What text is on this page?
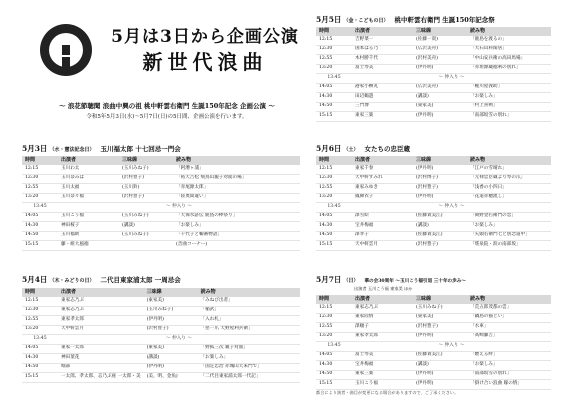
5月は3日から企画公演
新世代浪曲
～ 浪花節聴聞 浪曲中興の祖 桃中軒雲右衛門 生誕150年記念 企画公演 ～
令和5年5月3日(水)～5月7日(日)の5日間、企画公演を行います。
5月3日 （水・憲法記念日） 玉川福太郎 十七回忌一門会
5月4日 （木・みどりの日） 二代目東家浦太郎 一周忌会
5月5日 （金・こどもの日） 桃中軒雲右衛門 生誕150年記念祭
5月6日 （土） 女たちの忠臣蔵
5月7日 （日） 華の会30周年 ～玉川こう福引退 三十年の歩み～
出演者 玉川こう福 東家美 ほか
時間	出演者	三味線	読み物
12:15	玉川わ太	(玉川みね子)	「阿漕ヶ浦」
12:30	玉川奈みは	(沢村豊子)	「祐天吉松 飛鳥山親子対面の場」
12:55	玉川太福	(玉川鈴)	「赤尾源太郎」
13:20	玉川奈々福	(沢村豊子)	「陸奥間違い」
13:45	～ 仲入り ～		
14:05	玉川こう福	(玉川みね子)	「天保水滸伝 鹿島の棒祭り」
14:30	神田桜子	(講談)	「お楽しみ」
14:50	玉川福助	(玉川みね子)	「千代子と鞠蕃物語」
15:15	藤・組大風徳		(音曲コーナー)
時間	出演者	三味線	読み物
12:15	東家志乃ぶ	(東家美)	「みねび出者」
12:30	東家志乃ぶ	(玉川みね子)	「稲武」
12:55	東家孝太郎	(伊丹明)	「入れ札」
13:20	天中軒雲月	(沢村豊子)	「慈一爪 天野屋利兵衛」
13:45	～ 仲入り ～		
14:05	東家一太郎	(東家美)	「野狐三次 親子対面」
14:30	神田菫花	(講談)	「お楽しみ」
14:50	堀部	(伊丹明)	「国定忠治 赤城山天朱門で」
15:15	一太郎、孝太郎、志乃ぶ座 一太郎・美	(美、明、金魚)	「二代目東家浦太郎一代記」
時間	出演者	三味線	読み物
12:15	吉野菜一	(佐藤一貴)	「鹿島を渡るの」
12:30	国本はる乃	(広沢美舟)	「大石山科閑居」
12:55	木村勝千代	(沢村美舟)	「中山安兵衛の高田馬場」
13:20	富士琴美	(伊丹明)	「赤垣源蔵徳利の別れ」
13:45	～ 仲入り ～		
14:05	港家小柳丸	(広沢美舟)	「梶川屋義助」
14:30	田辺鶴遊	(講談)	「お楽しみ」
14:50	三門博	(東家美)	「村上喜剣」
15:15	東家三楽	(伊丹明)	「南部坂雪の別れ」
時間	出演者	三味線	読み物
12:15	東家千春	(伊丹明)	「江戸の雪晴れ」
12:30	天中軒すみれ	(沢村博子)	「元禄忠臣蔵より琴の爪」
12:55	東家みゆき	(沢村豊子)	「浅香の小四日」
13:20	鳳舞衣子	(伊丹明)	「花道赤穂流し」
13:45	～ 仲入り ～		
14:05	澤雪絵	(佐藤貴美江)	「岡野金右衛門の恋」
14:30	宝井梅福	(講談)	「お楽しみ」
14:50	澤孝子	(佐藤貴美江)	「矢頭右衛門七と別恋道中」
15:15	天中軒雲月	(沢村豊子)	「瑤泉院・涙の南部坂」
時間	出演者	三味線	読み物
12:15	東家志乃ぶ	(玉川みね子)	「荒五郎茂都の雲」
12:30	東家陸情	(東家美)	「鍋島の猫とい」
12:55	澤順子	(沢村豊子)	「水車」
13:20	東家孝太郎	(伊丹明)	「高崎藤吉」
13:45	～ 仲入り ～		
14:05	富士琴美	(佐藤貴美江)	「燃える絆」
14:30	宝井梅福	(講談)	「お楽しみ」
14:50	東家三楽	(伊丹明)	「南部坂雪の別れ」
15:15	玉川こう福	(伊丹明)	「掛け合い浪曲 嫁の情」
都合により演者・曲目が変更になる場合がありますので、ご了承ください。
